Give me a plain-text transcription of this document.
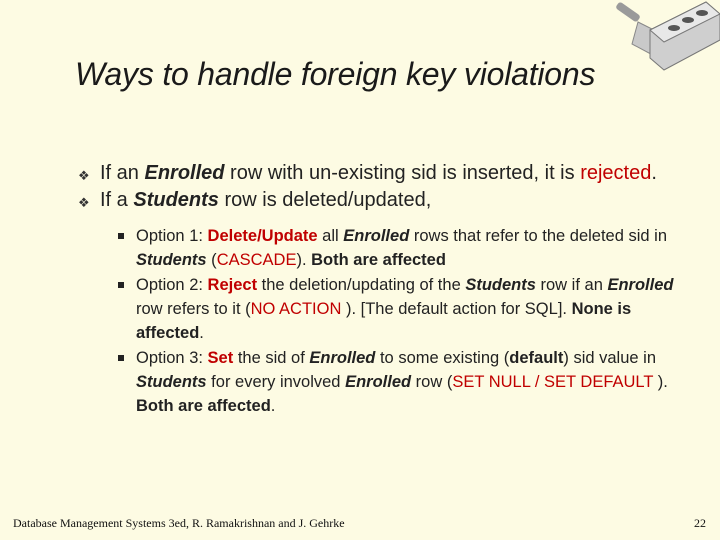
Ways to handle foreign key violations
❖ If an Enrolled row with un-existing sid is inserted, it is rejected.
❖ If a Students row is deleted/updated,
Option 1: Delete/Update all Enrolled rows that refer to the deleted sid in Students (CASCADE). Both are affected
Option 2: Reject the deletion/updating of the Students row if an Enrolled row refers to it (NO ACTION ). [The default action for SQL]. None is affected.
Option 3: Set the sid of Enrolled to some existing (default) sid value in Students for every involved Enrolled row (SET NULL / SET DEFAULT ). Both are affected.
Database Management Systems 3ed, R. Ramakrishnan and J. Gehrke	22
